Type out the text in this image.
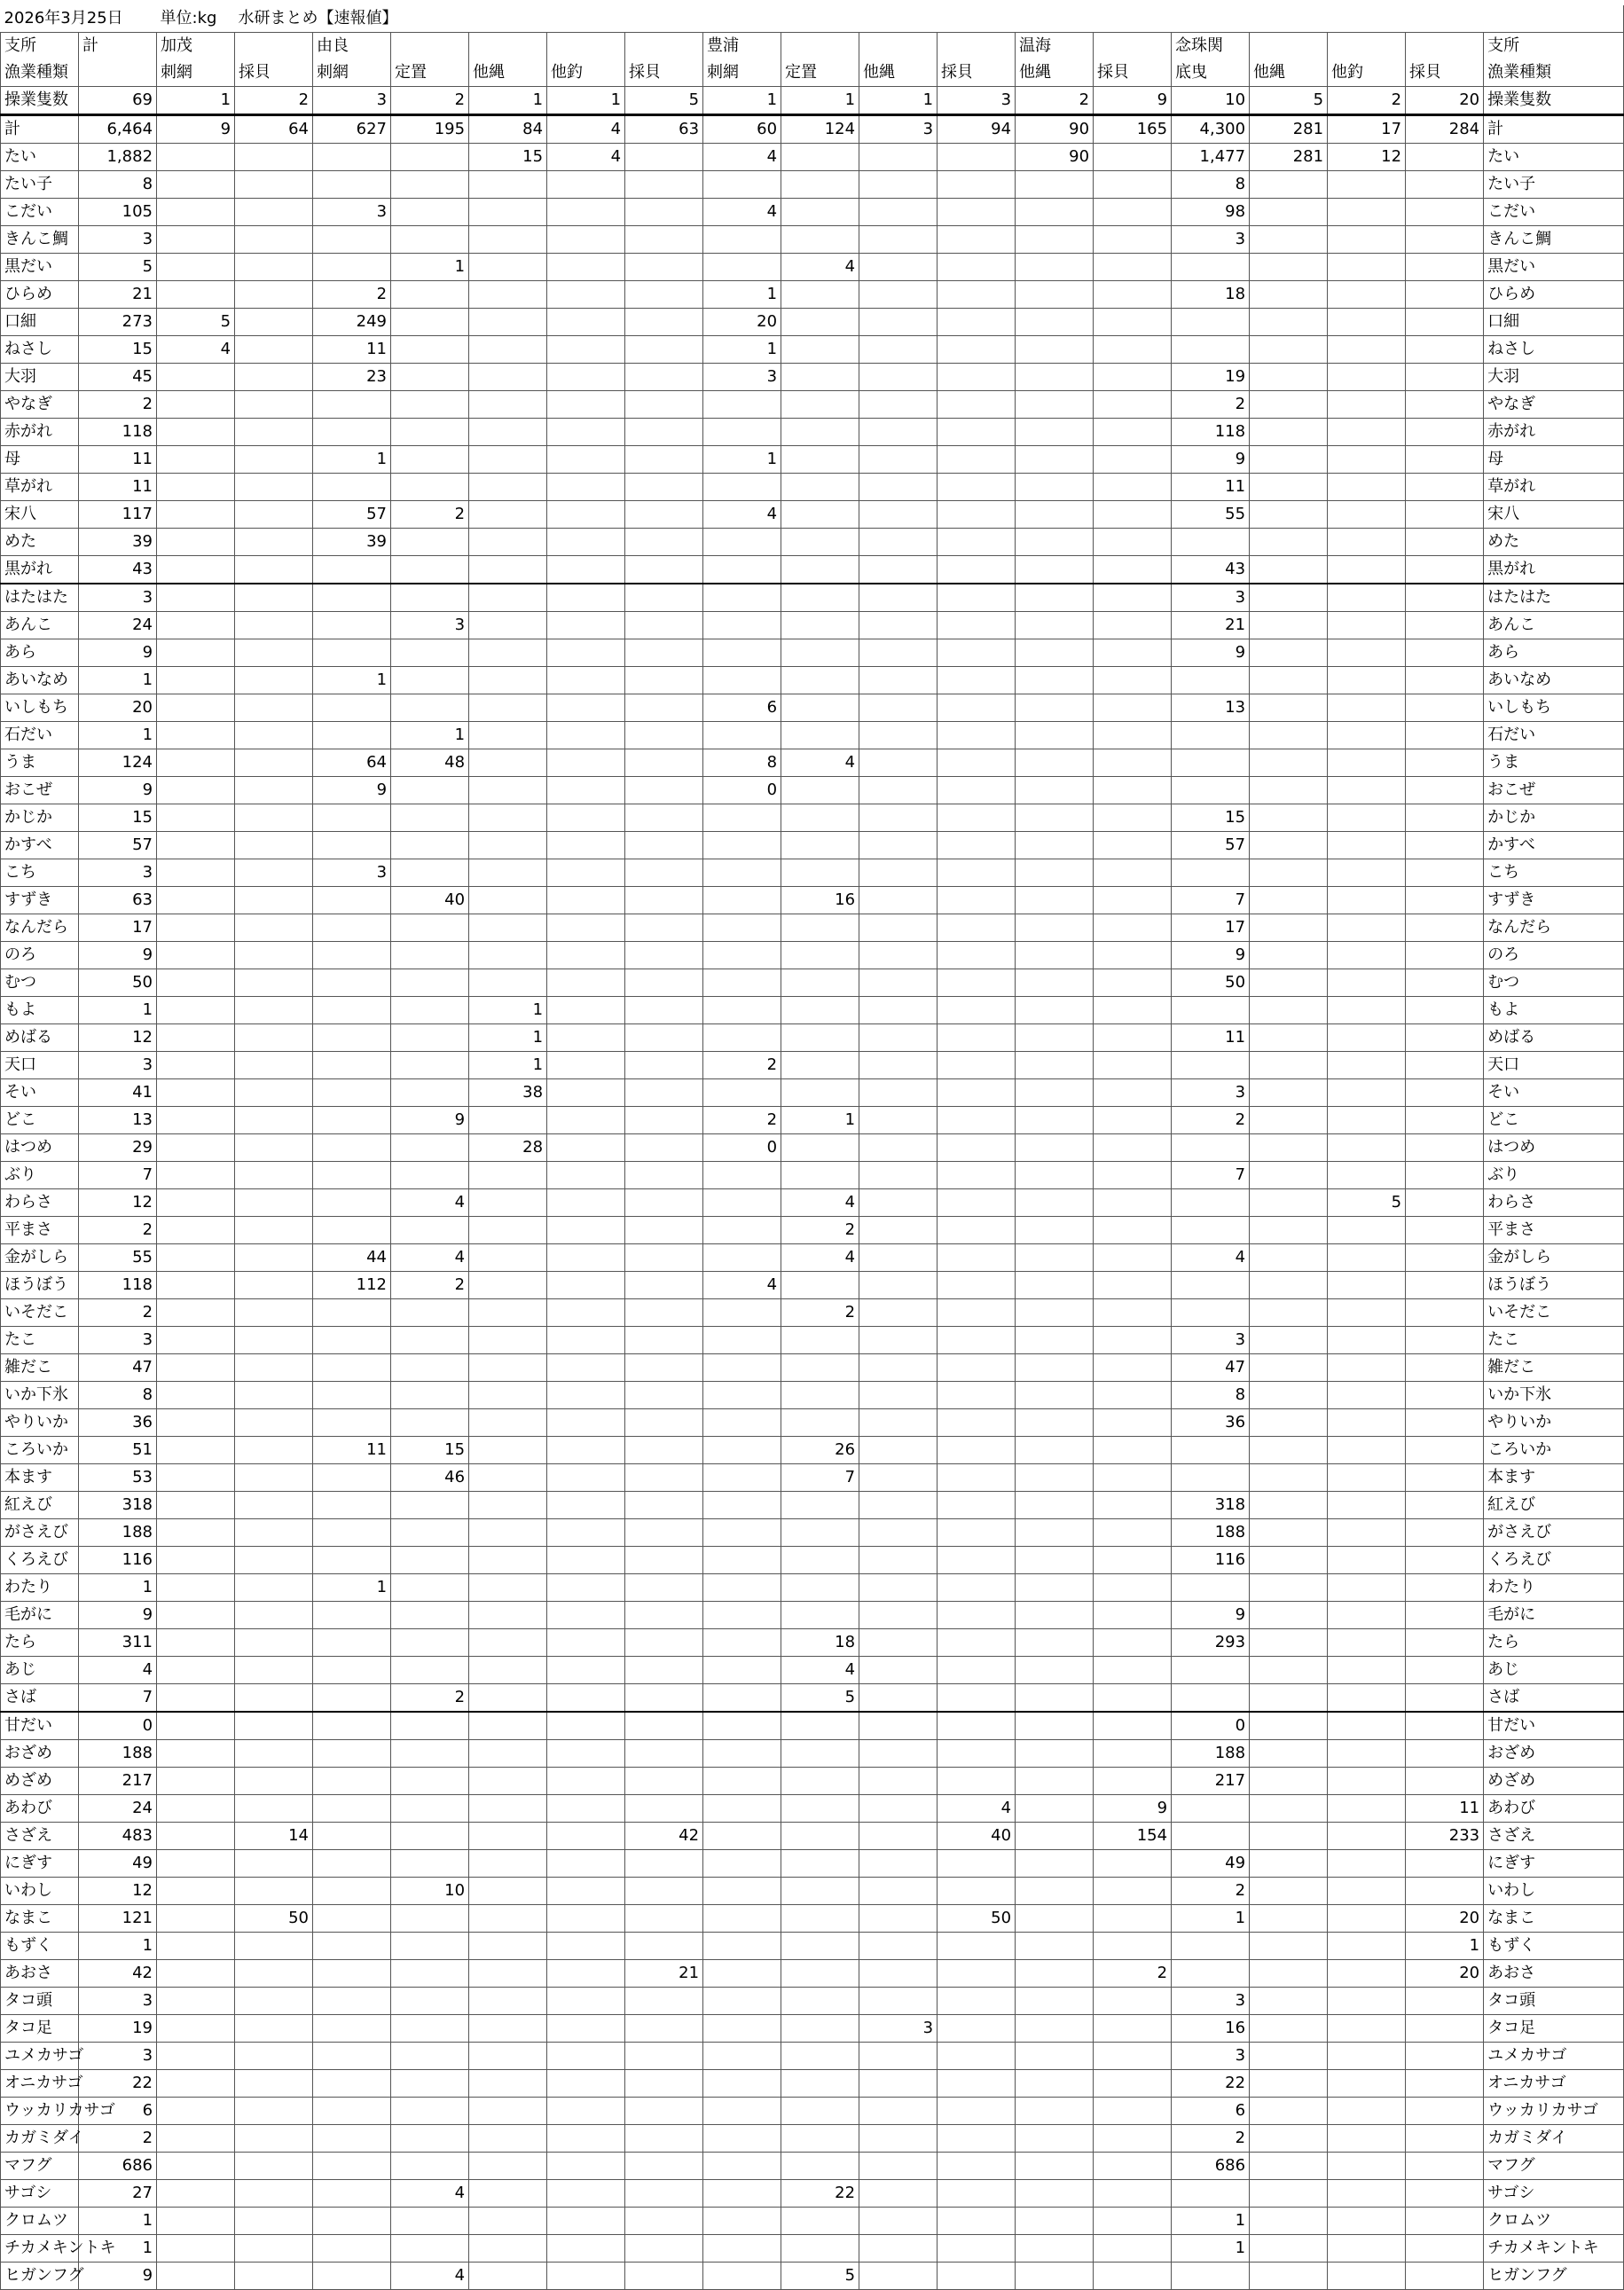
2026年3月25日		単位:kg	水研まとめ【速報値】																
支所	計	加茂		由良					豊浦				温海		念珠関				支所
漁業種類		刺網	採貝	刺網	定置	他縄	他釣	採貝	刺網	定置	他縄	採貝	他縄	採貝	底曳	他縄	他釣	採貝	漁業種類
操業隻数	69	1	2	3	2	1	1	5	1	1	1	3	2	9	10	5	2	20	操業隻数
計	6,464	9	64	627	195	84	4	63	60	124	3	94	90	165	4,300	281	17	284	計
たい	1,882					15	4		4				90		1,477	281	12		たい
たい子	8														8				たい子
こだい	105			3					4						98				こだい
きんこ鯛	3														3				きんこ鯛
黒だい	5				1					4									黒だい
ひらめ	21			2					1						18				ひらめ
口細	273	5		249					20										口細
ねさし	15	4		11					1										ねさし
大羽	45			23					3						19				大羽
やなぎ	2														2				やなぎ
赤がれ	118														118				赤がれ
母	11			1					1						9				母
草がれ	11														11				草がれ
宋八	117			57	2				4						55				宋八
めた	39			39															めた
黒がれ	43														43				黒がれ
はたはた	3														3				はたはた
あんこ	24				3										21				あんこ
あら	9														9				あら
あいなめ	1			1															あいなめ
いしもち	20								6						13				いしもち
石だい	1				1														石だい
うま	124			64	48				8	4									うま
おこぜ	9			9					0										おこぜ
かじか	15														15				かじか
かすべ	57														57				かすべ
こち	3			3															こち
すずき	63				40					16					7				すずき
なんだら	17														17				なんだら
のろ	9														9				のろ
むつ	50														50				むつ
もよ	1					1													もよ
めばる	12					1									11				めばる
天口	3					1			2										天口
そい	41					38									3				そい
どこ	13				9				2	1					2				どこ
はつめ	29					28			0										はつめ
ぶり	7														7				ぶり
わらさ	12				4					4							5		わらさ
平まさ	2									2									平まさ
金がしら	55			44	4					4					4				金がしら
ほうぼう	118			112	2				4										ほうぼう
いそだこ	2									2									いそだこ
たこ	3														3				たこ
雑だこ	47														47				雑だこ
いか下氷	8														8				いか下氷
やりいか	36														36				やりいか
ころいか	51			11	15					26									ころいか
本ます	53				46					7									本ます
紅えび	318														318				紅えび
がさえび	188														188				がさえび
くろえび	116														116				くろえび
わたり	1			1															わたり
毛がに	9														9				毛がに
たら	311									18					293				たら
あじ	4									4									あじ
さば	7				2					5									さば
甘だい	0														0				甘だい
おざめ	188														188				おざめ
めざめ	217														217				めざめ
あわび	24											4		9				11	あわび
さざえ	483		14					42				40		154				233	さざえ
にぎす	49														49				にぎす
いわし	12				10										2				いわし
なまこ	121		50									50			1			20	なまこ
もずく	1																	1	もずく
あおさ	42							21						2				20	あおさ
タコ頭	3														3				タコ頭
タコ足	19										3				16				タコ足
ユメカサゴ	3														3				ユメカサゴ
オニカサゴ	22														22				オニカサゴ
ウッカリカサゴ	6														6				ウッカリカサゴ
カガミダイ	2														2				カガミダイ
マフグ	686														686				マフグ
サゴシ	27				4					22									サゴシ
クロムツ	1														1				クロムツ
チカメキントキ	1														1				チカメキントキ
ヒガンフグ	9				4					5									ヒガンフグ
